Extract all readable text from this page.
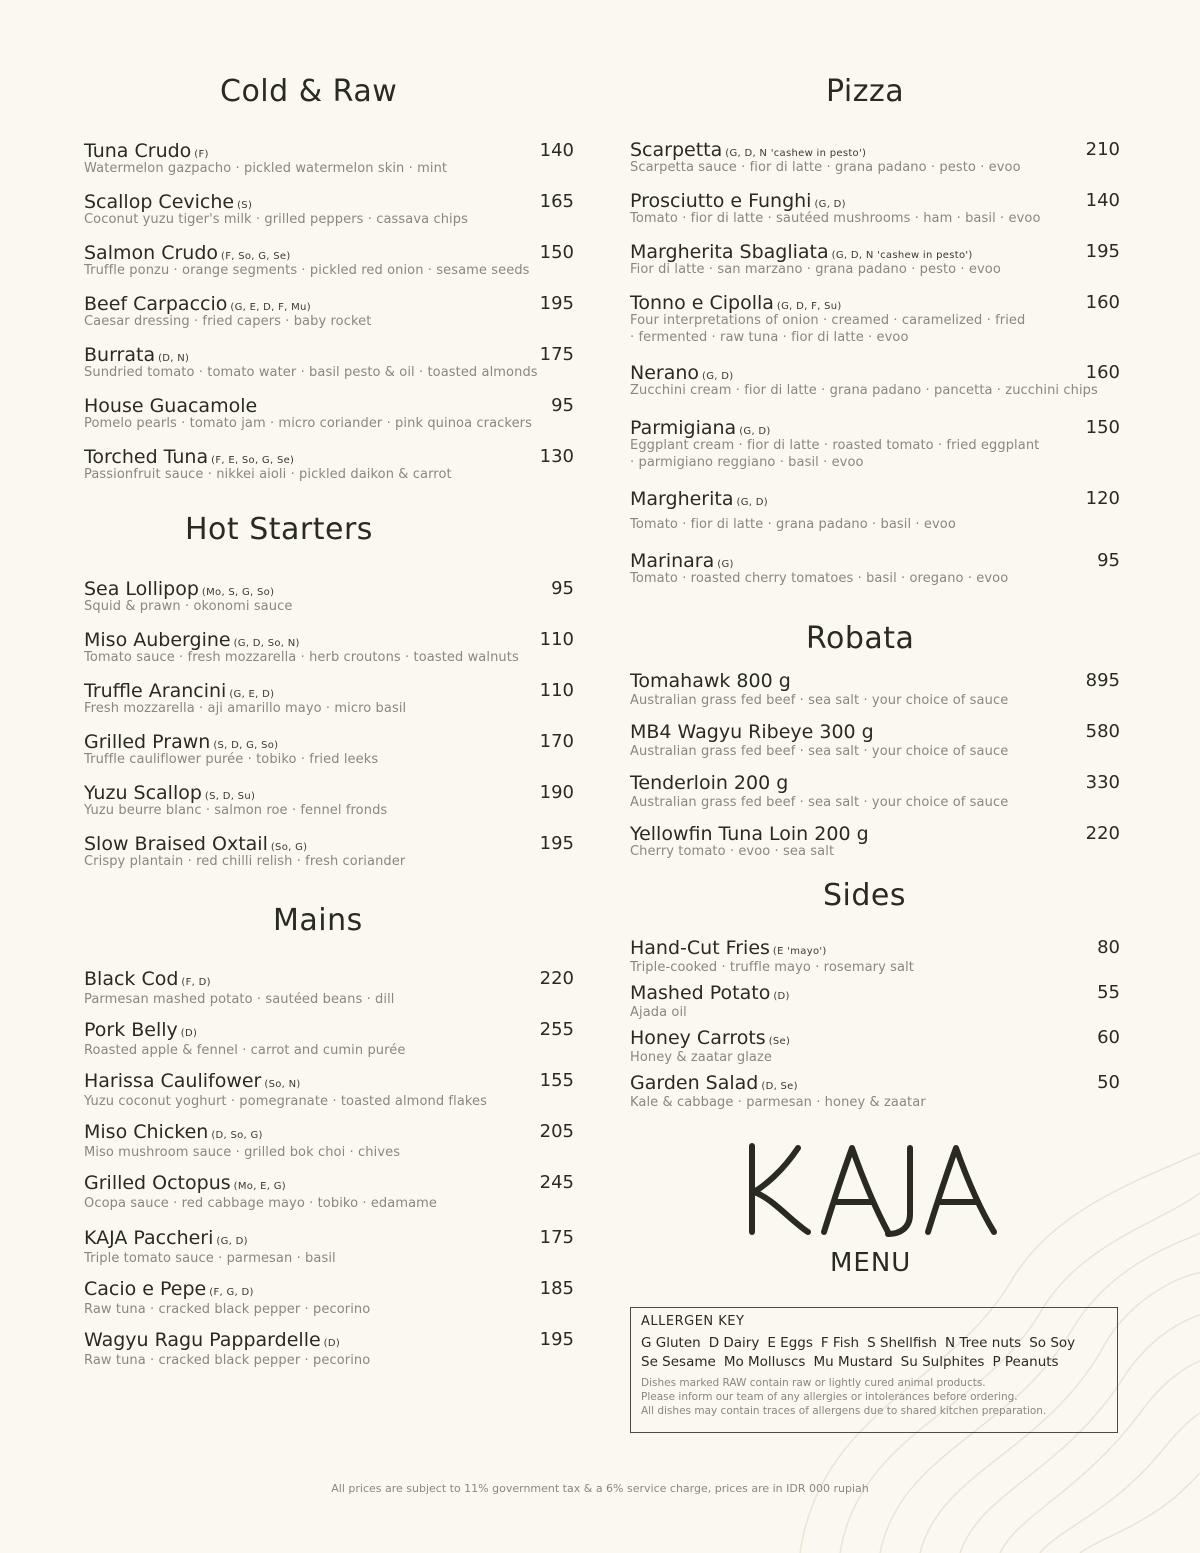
Cold & Raw
Tuna Crudo (F)	140
Watermelon gazpacho · pickled watermelon skin · mint
Scallop Ceviche (S)	165
Coconut yuzu tiger's milk · grilled peppers · cassava chips
Salmon Crudo (F, So, G, Se)	150
Truffle ponzu · orange segments · pickled red onion · sesame seeds
Beef Carpaccio (G, E, D, F, Mu)	195
Caesar dressing · fried capers · baby rocket
Burrata (D, N)	175
Sundried tomato · tomato water · basil pesto & oil · toasted almonds
House Guacamole	95
Pomelo pearls · tomato jam · micro coriander · pink quinoa crackers
Torched Tuna (F, E, So, G, Se)	130
Passionfruit sauce · nikkei aioli · pickled daikon & carrot
Hot Starters
Sea Lollipop (Mo, S, G, So)	95
Squid & prawn · okonomi sauce
Miso Aubergine (G, D, So, N)	110
Tomato sauce · fresh mozzarella · herb croutons · toasted walnuts
Truffle Arancini (G, E, D)	110
Fresh mozzarella · aji amarillo mayo · micro basil
Grilled Prawn (S, D, G, So)	170
Truffle cauliflower purée · tobiko · fried leeks
Yuzu Scallop (S, D, Su)	190
Yuzu beurre blanc · salmon roe · fennel fronds
Slow Braised Oxtail (So, G)	195
Crispy plantain · red chilli relish · fresh coriander
Mains
Black Cod (F, D)	220
Parmesan mashed potato · sautéed beans · dill
Pork Belly (D)	255
Roasted apple & fennel · carrot and cumin purée
Harissa Caulifower (So, N)	155
Yuzu coconut yoghurt · pomegranate · toasted almond flakes
Miso Chicken (D, So, G)	205
Miso mushroom sauce · grilled bok choi · chives
Grilled Octopus (Mo, E, G)	245
Ocopa sauce · red cabbage mayo · tobiko · edamame
KAJA Paccheri (G, D)	175
Triple tomato sauce · parmesan · basil
Cacio e Pepe (F, G, D)	185
Raw tuna · cracked black pepper · pecorino
Wagyu Ragu Pappardelle (D)	195
Raw tuna · cracked black pepper · pecorino
Pizza
Scarpetta (G, D, N 'cashew in pesto')	210
Scarpetta sauce · fior di latte · grana padano · pesto · evoo
Prosciutto e Funghi (G, D)	140
Tomato · fior di latte · sautéed mushrooms · ham · basil · evoo
Margherita Sbagliata (G, D, N 'cashew in pesto')	195
Fior di latte · san marzano · grana padano · pesto · evoo
Tonno e Cipolla (G, D, F, Su)	160
Four interpretations of onion · creamed · caramelized · fried
· fermented · raw tuna · fior di latte · evoo
Nerano (G, D)	160
Zucchini cream · fior di latte · grana padano · pancetta · zucchini chips
Parmigiana (G, D)	150
Eggplant cream · fior di latte · roasted tomato · fried eggplant
· parmigiano reggiano · basil · evoo
Margherita (G, D)	120
Tomato · fior di latte · grana padano · basil · evoo
Marinara (G)	95
Tomato · roasted cherry tomatoes · basil · oregano · evoo
Robata
Tomahawk 800 g	895
Australian grass fed beef · sea salt · your choice of sauce
MB4 Wagyu Ribeye 300 g	580
Australian grass fed beef · sea salt · your choice of sauce
Tenderloin 200 g	330
Australian grass fed beef · sea salt · your choice of sauce
Yellowfin Tuna Loin 200 g	220
Cherry tomato · evoo · sea salt
Sides
Hand-Cut Fries (E 'mayo')	80
Triple-cooked · truffle mayo · rosemary salt
Mashed Potato (D)	55
Ajada oil
Honey Carrots (Se)	60
Honey & zaatar glaze
Garden Salad (D, Se)	50
Kale & cabbage · parmesan · honey & zaatar
MENU
ALLERGEN KEY
G Gluten D Dairy E Eggs F Fish S Shellfish N Tree nuts So Soy
Se Sesame Mo Molluscs Mu Mustard Su Sulphites P Peanuts
Dishes marked RAW contain raw or lightly cured animal products.
Please inform our team of any allergies or intolerances before ordering.
All dishes may contain traces of allergens due to shared kitchen preparation.
All prices are subject to 11% government tax & a 6% service charge, prices are in IDR 000 rupiah
